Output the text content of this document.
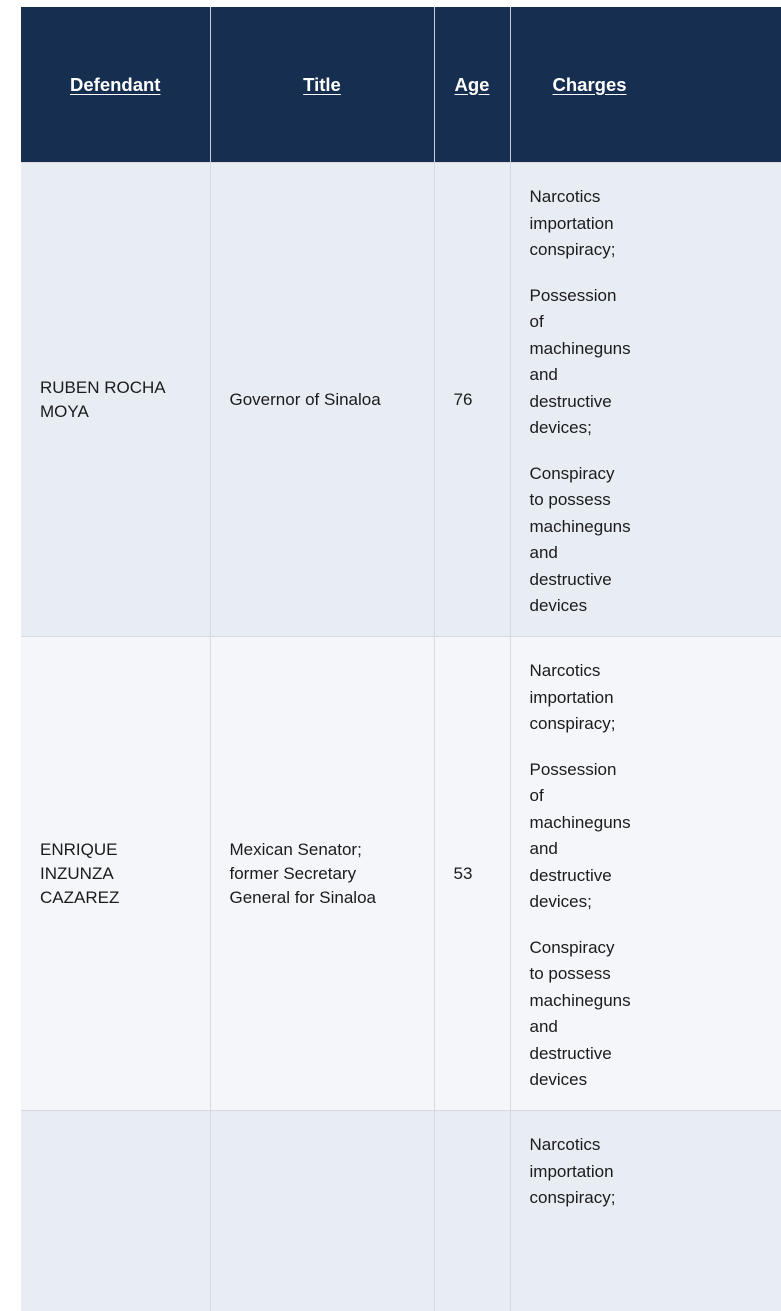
Defendant	Title	Age	Charges
RUBEN ROCHA MOYA	Governor of Sinaloa	76	Narcotics importation conspiracy;

Possession of machineguns and destructive devices;

Conspiracy to possess machineguns and destructive devices

ENRIQUE INZUNZA CAZAREZ	Mexican Senator; former Secretary General for Sinaloa	53	Narcotics importation conspiracy;

Possession of machineguns and destructive devices;

Conspiracy to possess machineguns and destructive devices

			Narcotics importation conspiracy;
